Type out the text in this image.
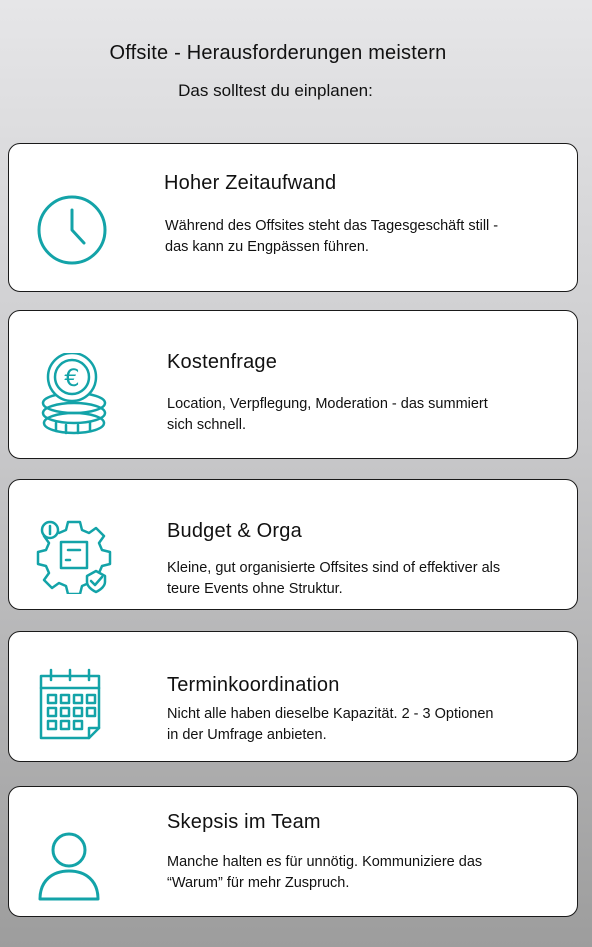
Offsite - Herausforderungen meistern
Das solltest du einplanen:
Hoher Zeitaufwand
Während des Offsites steht das Tagesgeschäft still - das kann zu Engpässen führen.
€
Kostenfrage
Location, Verpflegung, Moderation - das summiert sich schnell.
Budget & Orga
Kleine, gut organisierte Offsites sind of effektiver als teure Events ohne Struktur.
Terminkoordination
Nicht alle haben dieselbe Kapazität. 2 - 3 Optionen in der Umfrage anbieten.
Skepsis im Team
Manche halten es für unnötig. Kommuniziere das “Warum” für mehr Zuspruch.
